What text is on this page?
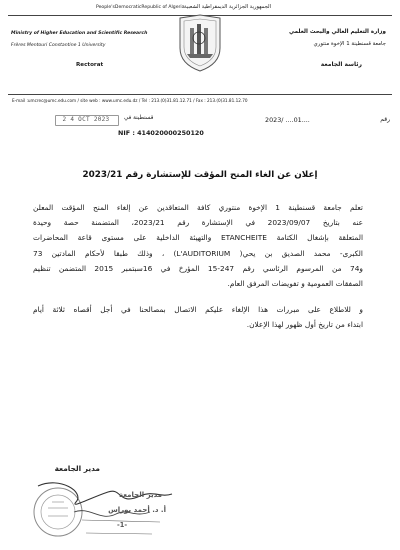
People'sDemocraticRepublic of Algeria الجمهورية الجزائرية الديمقراطية الشعبية
Ministry of Higher Education and Scientific Research
Frères Mentouri Constantine 1 University
Rectorat
وزارة التعليم العالي والبحث العلمي
جامعة قسنطينة 1 الإخوة منتوري
رئاسة الجامعة
E-mail :umcrec@umc.edu.com / site web : www.umc.edu.dz / Tel : 213.(0)31.81.12.71 / Fax : 213.(0)31.81.12.70
قسنطينة في
2 4 OCT 2023	رقم
2023/ ....01....
NIF : 414020000250120
إعلان عن الغاء المنح المؤقت للإستشارة رقم 2023/21
تعلم جامعة قسنطينة 1 الإخوة منتوري كافة المتعاقدين عن إلغاء المنح المؤقت المعلن
عنه بتاريخ 2023/09/07 في الإستشارة رقم 2023/21، المتضمنة حصة وحيدة
المتعلقة بإشغال الكتامة ETANCHEITE والتهيئة الداخلية على مستوى قاعة المحاضرات
الكبرى- محمد الصديق بن يحي( L'AUDITORIUM) ، وذلك طبقا لأحكام المادتين 73
و74 من المرسوم الرئاسي رقم 247-15 المؤرخ في 16سبتمبر 2015 المتضمن تنظيم
الصفقات العمومية و تفويضات المرفق العام.
و للاطلاع على مبررات هذا الإلغاء عليكم الاتصال بمصالحنا في أجل أقصاه ثلاثة أيام
ابتداء من تاريخ أول ظهور لهذا الإعلان.
مدير الجامعة
مدير الجامعة
أ. د. أحمد بوراس
-1-
